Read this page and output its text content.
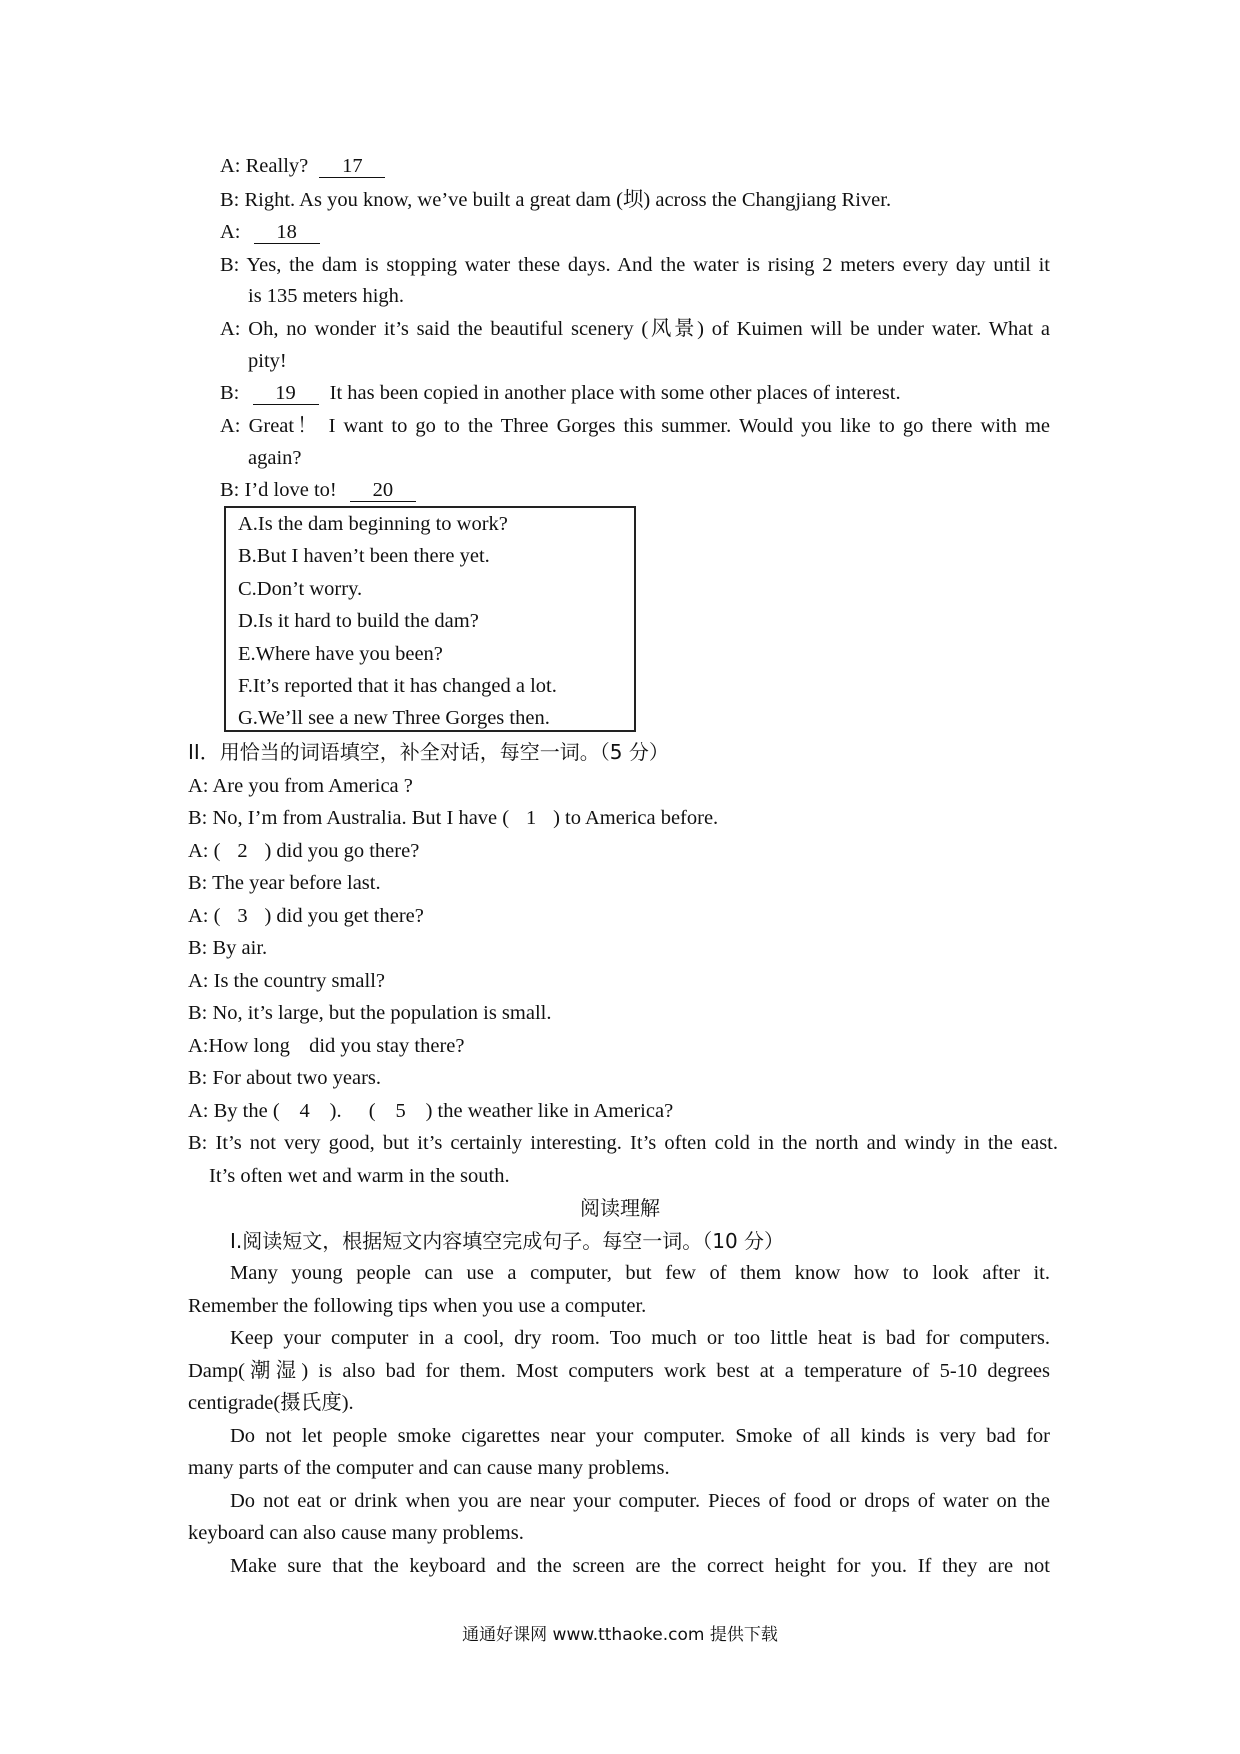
A: Really? 17
B: Right. As you know, we’ve built a great dam (坝) across the Changjiang River.
A: 18
B: Yes, the dam is stopping water these days. And the water is rising 2 meters every day until it
is 135 meters high.
A: Oh, no wonder it’s said the beautiful scenery (风景) of Kuimen will be under water. What a
pity!
B: 19 It has been copied in another place with some other places of interest.
A: Great！ I want to go to the Three Gorges this summer. Would you like to go there with me
again?
B: I’d love to! 20
A.Is the dam beginning to work?
B.But I haven’t been there yet.
C.Don’t worry.
D.Is it hard to build the dam?
E.Where have you been?
F.It’s reported that it has changed a lot.
G.We’ll see a new Three Gorges then.
II．用恰当的词语填空，补全对话，每空一词。（5 分）
A: Are you from America ?
B: No, I’m from Australia. But I have ( 1 ) to America before.
A: ( 2 ) did you go there?
B: The year before last.
A: ( 3 ) did you get there?
B: By air.
A: Is the country small?
B: No, it’s large, but the population is small.
A:How long did you stay there?
B: For about two years.
A: By the ( 4 ). ( 5 ) the weather like in America?
B: It’s not very good, but it’s certainly interesting. It’s often cold in the north and windy in the east.
It’s often wet and warm in the south.
阅读理解
I.阅读短文，根据短文内容填空完成句子。每空一词。（10 分）
Many young people can use a computer, but few of them know how to look after it.
Remember the following tips when you use a computer.
Keep your computer in a cool, dry room. Too much or too little heat is bad for computers.
Damp(潮湿) is also bad for them. Most computers work best at a temperature of 5-10 degrees
centigrade(摄氏度).
Do not let people smoke cigarettes near your computer. Smoke of all kinds is very bad for
many parts of the computer and can cause many problems.
Do not eat or drink when you are near your computer. Pieces of food or drops of water on the
keyboard can also cause many problems.
Make sure that the keyboard and the screen are the correct height for you. If they are not
通通好课网 www.tthaoke.com 提供下载
